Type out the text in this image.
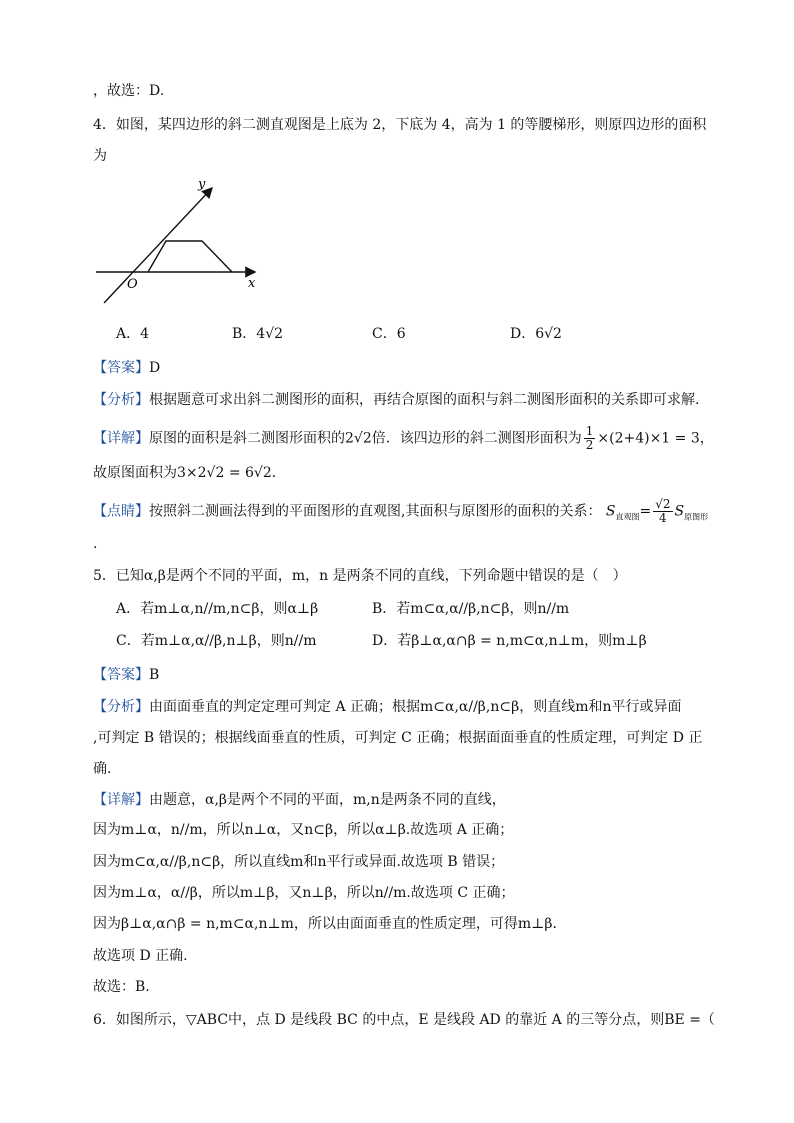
，故选：D.
4．如图，某四边形的斜二测直观图是上底为 2，下底为 4，高为 1 的等腰梯形，则原四边形的面积
为
y
x
O
A．4	B．4√2	C．6	D．6√2
【答案】D
【分析】根据题意可求出斜二测图形的面积，再结合原图的面积与斜二测图形面积的关系即可求解.
【详解】原图的面积是斜二测图形面积的2√2倍．该四边形的斜二测图形面积为 $\frac{1}{2} \times(2+4)\times 1 = 3$，
故原图面积为3×2√2 = 6√2．
【点睛】按照斜二测画法得到的平面图形的直观图,其面积与原图形的面积的关系： $S_{直观图}= \frac{√2}{4} S_{原图形}$
.
5．已知α,β是两个不同的平面，m，n 是两条不同的直线，下列命题中错误的是（　）
A．若m⊥α,n//m,n⊂β，则α⊥β	B．若m⊂α,α//β,n⊂β，则n//m
C．若m⊥α,α//β,n⊥β，则n//m	D．若β⊥α,α∩β = n,m⊂α,n⊥m，则m⊥β
【答案】B
【分析】由面面垂直的判定定理可判定 A 正确；根据m⊂α,α//β,n⊂β，则直线m和n平行或异面
,可判定 B 错误的；根据线面垂直的性质，可判定 C 正确；根据面面垂直的性质定理，可判定 D 正
确.
【详解】由题意，α,β是两个不同的平面，m,n是两条不同的直线，
因为m⊥α，n//m，所以n⊥α，又n⊂β，所以α⊥β.故选项 A 正确；
因为m⊂α,α//β,n⊂β，所以直线m和n平行或异面.故选项 B 错误；
因为m⊥α，α//β，所以m⊥β，又n⊥β，所以n//m.故选项 C 正确；
因为β⊥α,α∩β = n,m⊂α,n⊥m，所以由面面垂直的性质定理，可得m⊥β．
故选项 D 正确.
故选：B.
6．如图所示，▽ABC中，点 D 是线段 BC 的中点，E 是线段 AD 的靠近 A 的三等分点，则BE =（
